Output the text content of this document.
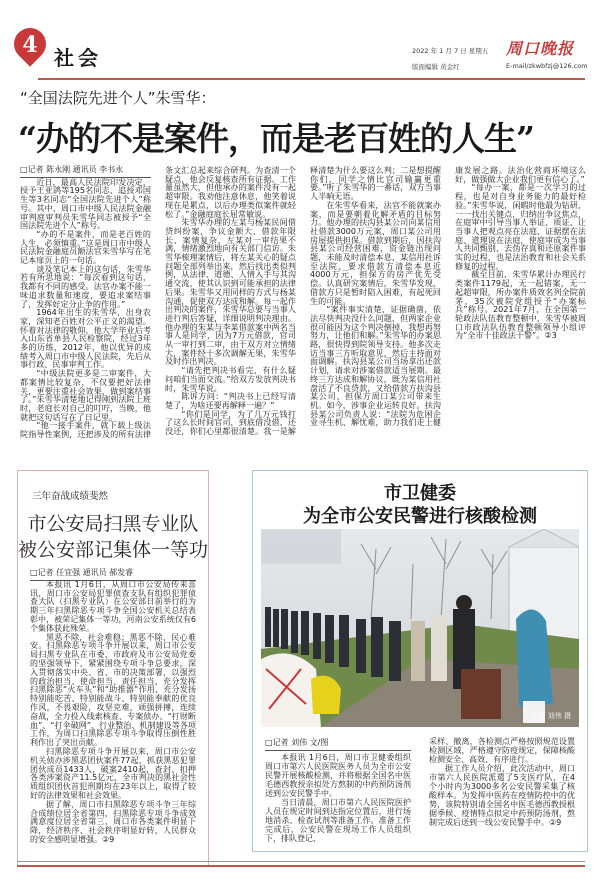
4 社会	2022 年 1 月 7 日 星期五
版面编辑 黄金红
周口晚报
E-mail/zkwbfzj@126.com
“全国法院先进个人”朱雪华：
“办的不是案件，而是老百姓的人生”

□记者 陈永刚 通讯员 李书永

近日，最高人民法院印发决定，授予王亚鸽等195名同志、追授邓国生等3名同志“全国法院先进个人”称号。其中，周口市中级人民法院金融审判庭审判员朱雪华同志被授予“全国法院先进个人”称号。

“办的不是案件，而是老百姓的人生，必须慎重。”这是周口市中级人民法院金融庭员额法官朱雪华写在笔记本扉页上的一句话。

谈及笔记本上的这句话，朱雪华若有所思地说：“每次看到这句话，我都有不同的感受。法官办案不能一味追求数量和速度，要追求案结事了，发挥好定分止争的作用。”

1964年出生的朱雪华，出身农家，深知老百姓对公平正义的渴望。怀着对法律的敬仰，他大学毕业后考入山东省单县人民检察院，经过3年多的历练，2012年，他以优异的成绩考入周口市中级人民法院，先后从事行政、民事审判工作。

“中级法院更多是二审案件，大都案情比较复杂，不仅要把好法律关，更要注重社会效果，做到案结事了。”朱雪华清楚地记得刚到法院上班时，老庭长对自己的叮咛，当晚，他就把这句话写在了日记里。

“他一接手案件，就下载上级法院指导性案例，还把涉及的所有法律条文汇总起来综合研判。为查清一个疑点，他会反复核查所有证据。工作量虽然大，但他承办的案件没有一起超审限。我劝他注意休息，他笑着说现在是累点，以后办理类似案件就轻松了。”金融庭庭长屈常敏说。

朱雪华办理的左某与杨某民间借贷纠纷案，争议金额大、借款年限长、案情复杂，左某对一审结果不满，情绪激烈地向有关部门信访。朱雪华梳理案情后，将左某关心的疑点问题全部列举出来，然后找出类似判例，从法律、道德、人情入手与其沟通交流，使其认识到可能承担的法律后果。朱雪华又用同样的方式与杨某沟通，促使双方达成和解。每一起作出判决的案件，朱雪华总要与当事人进行判后答疑，详细说明判决理由。他办理的朱某与李某借款案中两名当事人是同学，因为7万元借款，官司从一审打到二审，由于双方对立情绪大，案件经十多次调解无果，朱雪华及时作出判决。

“请先把判决书看完，有什么疑问咱们当面交流。”给双方发放判决书时，朱雪华说。

陈诉方问：“判决书上已经写清楚了，为啥还要再解释一遍？”

“你们是同学，为了几万元钱打了这么长时间官司，到底借没借、还没还，你们心里都很清楚。我一是解释清楚为什么要这么判；二是想提醒你们，同学之情比官司输赢更重要。”听了朱雪华的一番话，双方当事人半晌无语。

在朱雪华看来，法官不能就案办案，而是要朝着化解矛盾的目标努力。他办理的扶沟县某公司向某信用社借款3000万元案，周口某公司用房屋提供担保。借款到期后，因扶沟县某公司经营困难，资金链出现问题，未能及时清偿本息，某信用社诉至法院，要求借款方清偿本息近4000万元，担保方的房产优先受偿。认真研究案情后，朱雪华发现，借款方只是暂时陷入困难，有起死回生的可能。

“案件事实清楚，证据确凿，依法尽快判决没什么问题，但两家企业很可能因为这个判决倒掉，我想再努努力，让他们和解。”朱雪华的办案思路，很快得到院领导支持。他多次走访当事三方听取意见，然后主持面对面调解。扶沟县某公司当场拿出还款计划，请求对涉案借款适当展期。最终三方达成和解协议，既为某信用社盘活了不良贷款，又给借款方扶沟县某公司、担保方周口某公司带来生机。如今，涉事企业运转良好。扶沟县某公司负责人说：“法院为危困企业寻生机、解忧难，助力我们走上健康发展之路。法治化营商环境这么好，做强做大企业我们更有信心了。”

“每办一案，都是一次学习的过程，也是对自身业务能力的最好检验。”朱雪华说，闲暇时他最为钻研，一一找出关键点，归纳出争议焦点，在庭审中引导当事人举证、质证，让当事人把观点亮在法庭、证据摆在法庭、道理说在法庭，使庭审成为当事人共同甄别、去伪存真和还原案件事实的过程，也是法治教育和社会关系修复的过程。

截至目前，朱雪华累计办理民行类案件1179起，无一起错案，无一起超审限，所办案件质效名列全院前茅，35次被院党组授予“办案标兵”称号。2021年7月，在全国第一轮政法队伍教育整顿中，朱雪华被周口市政法队伍教育整顿领导小组评为“全市十佳政法干警”。②3

三年奋战成绩斐然
市公安局扫黑专业队
被公安部记集体一等功

□记者 任宜强 通讯员 郝发睿

本报讯 1月6日，从周口市公安局传来喜讯，周口市公安局犯罪侦查支队有组织犯罪侦查大队（扫黑专业队）在公安部日前举行的为期三年扫黑除恶专项斗争全国公安机关总结表彰中，被荣记集体一等功，河南公安系统仅有6个集体获此殊荣。

黑恶不除，社会难稳；黑恶不除，民心难安。扫黑除恶专项斗争开展以来，周口市公安局扫黑专业队在市委、市政府及市公安局党委的坚强领导下，紧紧围绕专项斗争总要求，深入贯彻落实中央、省、市的决策部署，以强烈的政治担当、使命担当、责任担当，充分发挥扫黑除恶“火车头”和“助推器”作用，充分发扬特别能吃苦、特别能战斗、特别能奉献的优良作风，不畏艰险，攻坚克难，顽强拼搏，连续奋战，全力投入线索核查、专案侦办、“打财断血”、“打伞破网”、行业整治、机制建设等各项工作，为周口扫黑除恶专项斗争取得压倒性胜利作出了突出贡献。

扫黑除恶专项斗争开展以来，周口市公安机关侦办涉黑恶团伙案件77起，抓获黑恶犯罪团伙成员1433人，破案2410起，查封、扣押各类涉案资产11.5亿元，全市判决的黑社会性质组织团伙首犯刑期均在23年以上，取得了较好的法律效果和社会效果。

据了解，周口市扫黑除恶专项斗争三年综合成绩位居全省第四，扫黑除恶专项斗争成效满意度位居全省第三，周口市各类案件明显下降，经济秩序、社会秩序明显好转，人民群众的安全感明显增强。②9

市卫健委
为全市公安民警进行核酸检测
记者 刘伟 摄

□记者 刘伟 文/图

本报讯 1月6日，周口市卫健委组织周口市第六人民医院医务人员为全市公安民警开展核酸检测，并将根据全国名中医毛德西教授亲拟处方熬制的中药预防汤剂送到公安民警手中。

当日清晨，周口市第六人民医院医护人员在规定时间到达指定位置后，进行场地消杀、检查试剂等准备工作。准备工作完成后，公安民警在现场工作人员组织下，排队登记、

采样、撤离，各检测点严格按照规范设置检测区域，严格遵守防疫规定，保障核酸检测安全、高效、有序进行。

据工作人员介绍，此次活动中，周口市第六人民医院派遣了5支医疗队，在4个小时内为3000多名公安民警采集了核酸样本。为发挥中医药在疫情防控中的优势，该院特别请全国名中医毛德西教授根据季候、疫情特点拟定中药预防汤剂，熬制完成后送到一线公安民警手中。②9
